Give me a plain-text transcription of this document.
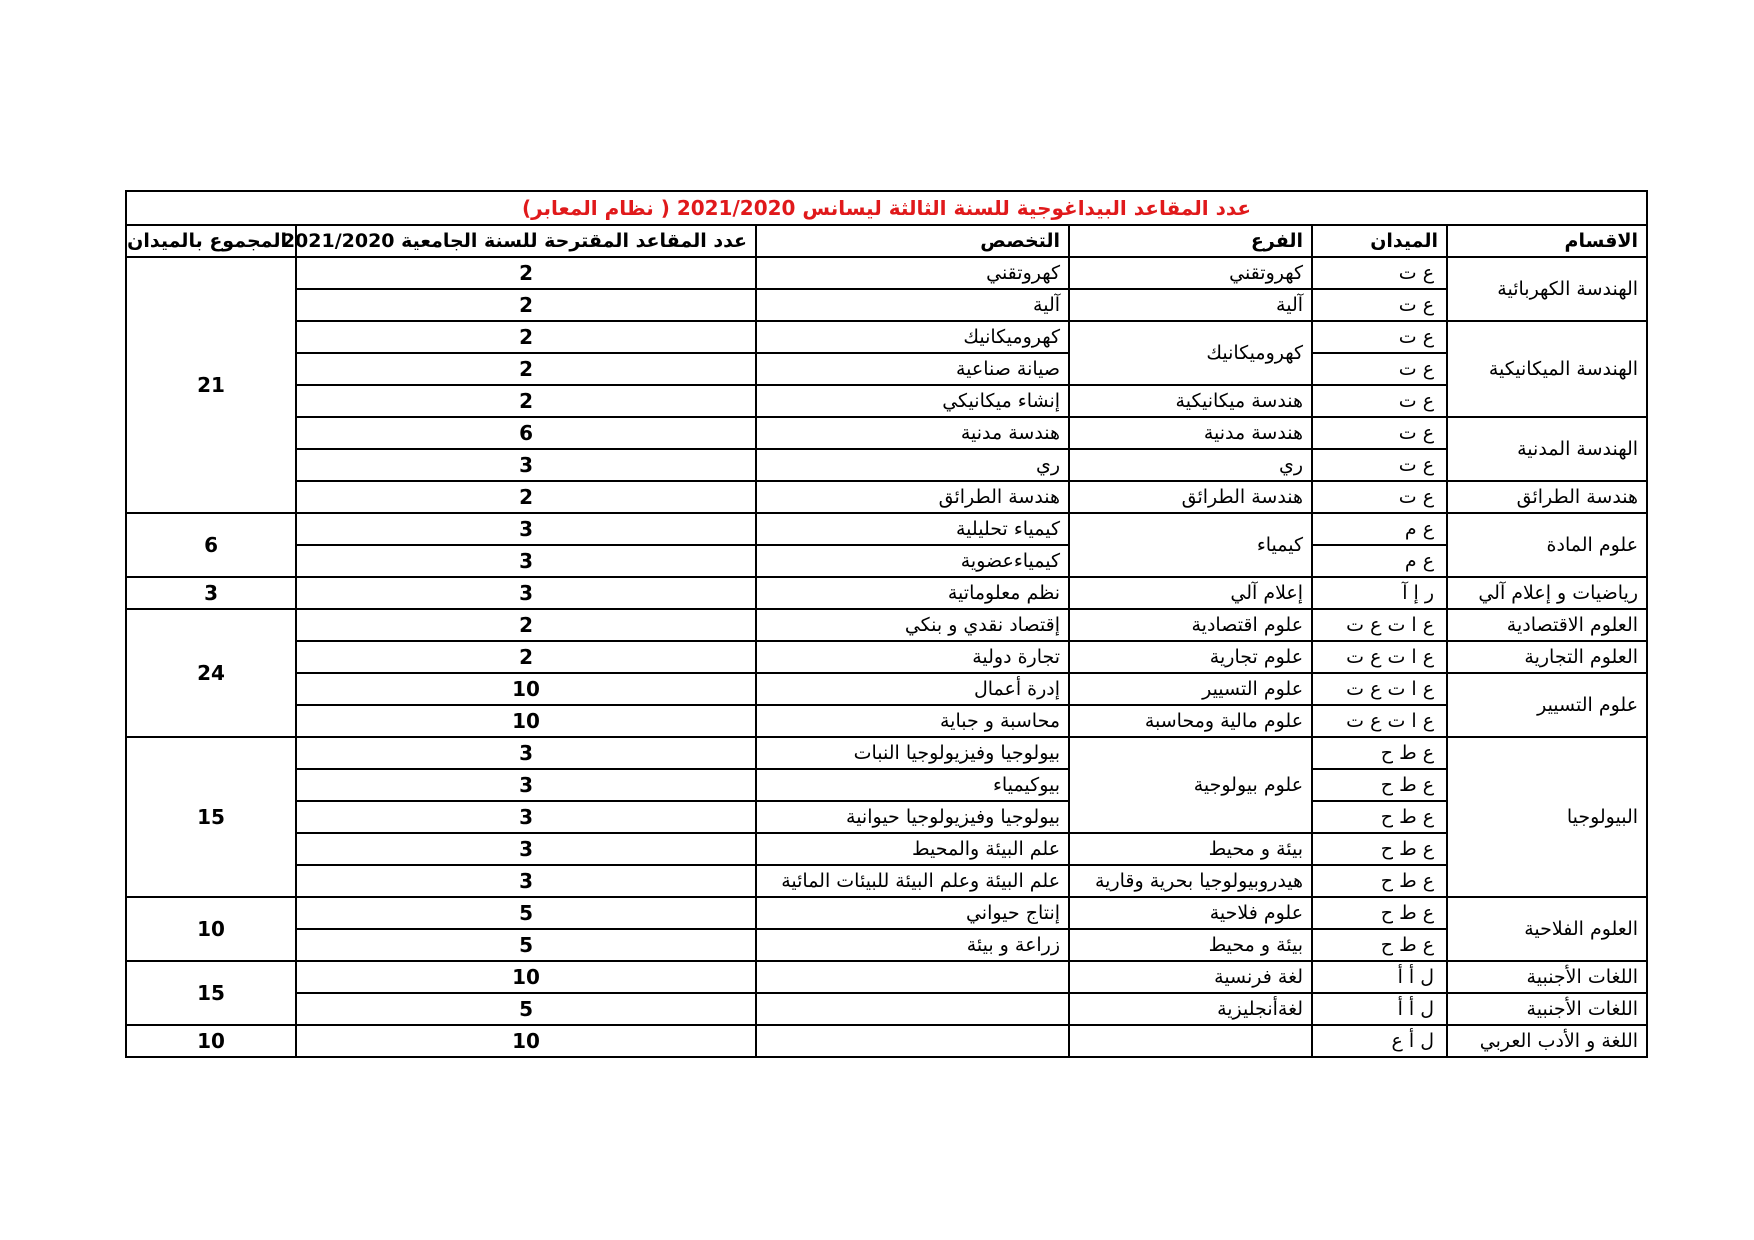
عدد المقاعد البيداغوجية للسنة الثالثة ليسانس 2021/2020 ( نظام المعابر)					
الاقسام	الميدان	الفرع	التخصص	عدد المقاعد المقترحة للسنة الجامعية 2021/2020	المجموع بالميدان
الهندسة الكهربائية	ع ت	كهروتقني	كهروتقني	2	21
	ع ت	آلية	آلية	2	
الهندسة الميكانيكية	ع ت	كهروميكانيك	كهروميكانيك	2	
	ع ت		صيانة صناعية	2	
	ع ت	هندسة ميكانيكية	إنشاء ميكانيكي	2	
الهندسة المدنية	ع ت	هندسة مدنية	هندسة مدنية	6	
	ع ت	ري	ري	3	
هندسة الطرائق	ع ت	هندسة الطرائق	هندسة الطرائق	2	
علوم المادة	ع م	كيمياء	كيمياء تحليلية	3	6
	ع م		كيمياءعضوية	3	
رياضيات و إعلام آلي	ر إ آ	إعلام آلي	نظم معلوماتية	3	3
العلوم الاقتصادية	ع ا ت ع ت	علوم اقتصادية	إقتصاد نقدي و بنكي	2	24
العلوم التجارية	ع ا ت ع ت	علوم تجارية	تجارة دولية	2	
علوم التسيير	ع ا ت ع ت	علوم التسيير	إدرة أعمال	10	
	ع ا ت ع ت	علوم مالية ومحاسبة	محاسبة و جباية	10	
البيولوجيا	ع ط ح	علوم بيولوجية	بيولوجيا وفيزيولوجيا النبات	3	15
	ع ط ح		بيوكيمياء	3	
	ع ط ح		بيولوجيا وفيزيولوجيا حيوانية	3	
	ع ط ح	بيئة و محيط	علم البيئة والمحيط	3	
	ع ط ح	هيدروبيولوجيا بحرية وقارية	علم البيئة وعلم البيئة للبيئات المائية	3	
العلوم الفلاحية	ع ط ح	علوم فلاحية	إنتاج حيواني	5	10
	ع ط ح	بيئة و محيط	زراعة و بيئة	5	
اللغات الأجنبية	ل أ أ	لغة فرنسية		10	15
اللغات الأجنبية	ل أ أ	لغةأنجليزية		5	
اللغة و الأدب العربي	ل أ ع			10	10
